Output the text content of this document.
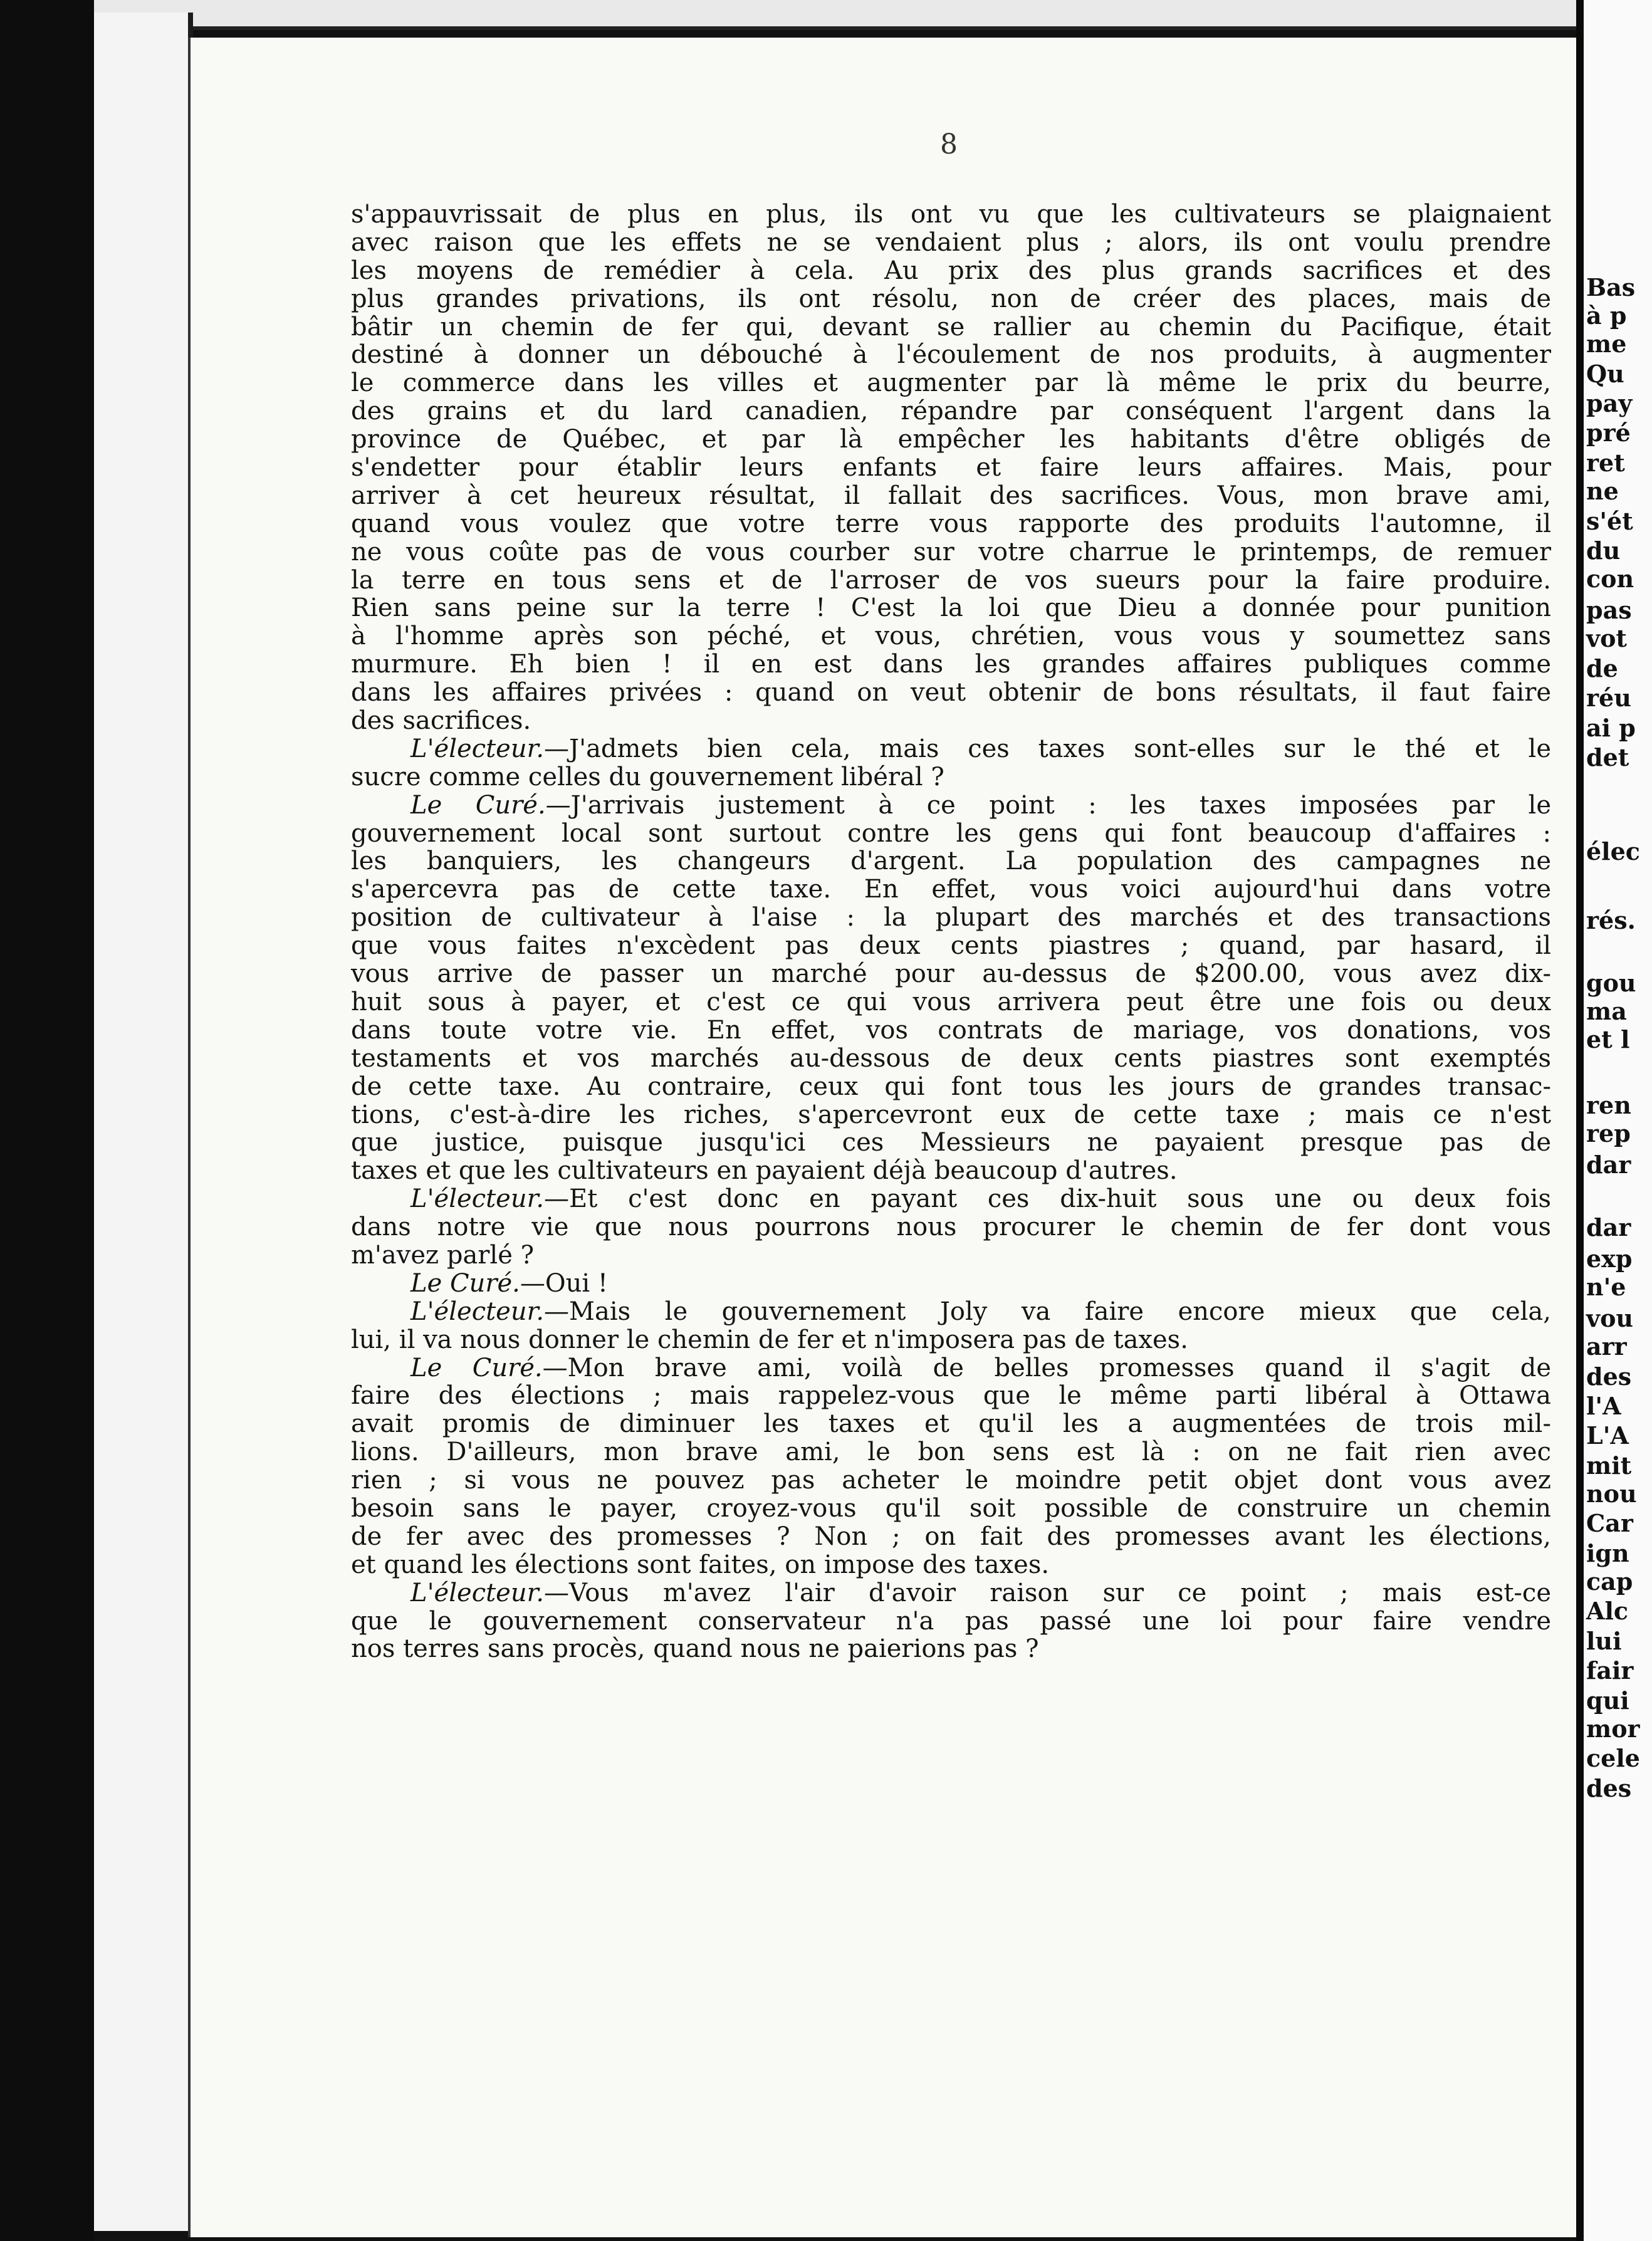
8
s'appauvrissait de plus en plus, ils ont vu que les cultivateurs se plaignaient
avec raison que les effets ne se vendaient plus ; alors, ils ont voulu prendre
les moyens de remédier à cela. Au prix des plus grands sacrifices et des
plus grandes privations, ils ont résolu, non de créer des places, mais de
bâtir un chemin de fer qui, devant se rallier au chemin du Pacifique, était
destiné à donner un débouché à l'écoulement de nos produits, à augmenter
le commerce dans les villes et augmenter par là même le prix du beurre,
des grains et du lard canadien, répandre par conséquent l'argent dans la
province de Québec, et par là empêcher les habitants d'être obligés de
s'endetter pour établir leurs enfants et faire leurs affaires. Mais, pour
arriver à cet heureux résultat, il fallait des sacrifices. Vous, mon brave ami,
quand vous voulez que votre terre vous rapporte des produits l'automne, il
ne vous coûte pas de vous courber sur votre charrue le printemps, de remuer
la terre en tous sens et de l'arroser de vos sueurs pour la faire produire.
Rien sans peine sur la terre ! C'est la loi que Dieu a donnée pour punition
à l'homme après son péché, et vous, chrétien, vous vous y soumettez sans
murmure. Eh bien ! il en est dans les grandes affaires publiques comme
dans les affaires privées : quand on veut obtenir de bons résultats, il faut faire
des sacrifices.
L'électeur.—J'admets bien cela, mais ces taxes sont-elles sur le thé et le
sucre comme celles du gouvernement libéral ?
Le Curé.—J'arrivais justement à ce point : les taxes imposées par le
gouvernement local sont surtout contre les gens qui font beaucoup d'affaires :
les banquiers, les changeurs d'argent. La population des campagnes ne
s'apercevra pas de cette taxe. En effet, vous voici aujourd'hui dans votre
position de cultivateur à l'aise : la plupart des marchés et des transactions
que vous faites n'excèdent pas deux cents piastres ; quand, par hasard, il
vous arrive de passer un marché pour au-dessus de $200.00, vous avez dix-
huit sous à payer, et c'est ce qui vous arrivera peut être une fois ou deux
dans toute votre vie. En effet, vos contrats de mariage, vos donations, vos
testaments et vos marchés au-dessous de deux cents piastres sont exemptés
de cette taxe. Au contraire, ceux qui font tous les jours de grandes transac-
tions, c'est-à-dire les riches, s'apercevront eux de cette taxe ; mais ce n'est
que justice, puisque jusqu'ici ces Messieurs ne payaient presque pas de
taxes et que les cultivateurs en payaient déjà beaucoup d'autres.
L'électeur.—Et c'est donc en payant ces dix-huit sous une ou deux fois
dans notre vie que nous pourrons nous procurer le chemin de fer dont vous
m'avez parlé ?
Le Curé.—Oui !
L'électeur.—Mais le gouvernement Joly va faire encore mieux que cela,
lui, il va nous donner le chemin de fer et n'imposera pas de taxes.
Le Curé.—Mon brave ami, voilà de belles promesses quand il s'agit de
faire des élections ; mais rappelez-vous que le même parti libéral à Ottawa
avait promis de diminuer les taxes et qu'il les a augmentées de trois mil-
lions. D'ailleurs, mon brave ami, le bon sens est là : on ne fait rien avec
rien ; si vous ne pouvez pas acheter le moindre petit objet dont vous avez
besoin sans le payer, croyez-vous qu'il soit possible de construire un chemin
de fer avec des promesses ? Non ; on fait des promesses avant les élections,
et quand les élections sont faites, on impose des taxes.
L'électeur.—Vous m'avez l'air d'avoir raison sur ce point ; mais est-ce
que le gouvernement conservateur n'a pas passé une loi pour faire vendre
nos terres sans procès, quand nous ne paierions pas ?
Bas
à p
me
Qu
pay
pré
ret
ne
s'ét
du
con
pas
vot
de
réu
ai p
det
élec
rés.
gou
ma
et l
ren
rep
dar
dar
exp
n'e
vou
arr
des
l'A
L'A
mit
nou
Car
ign
cap
Alc
lui
fair
qui
mor
cele
des
